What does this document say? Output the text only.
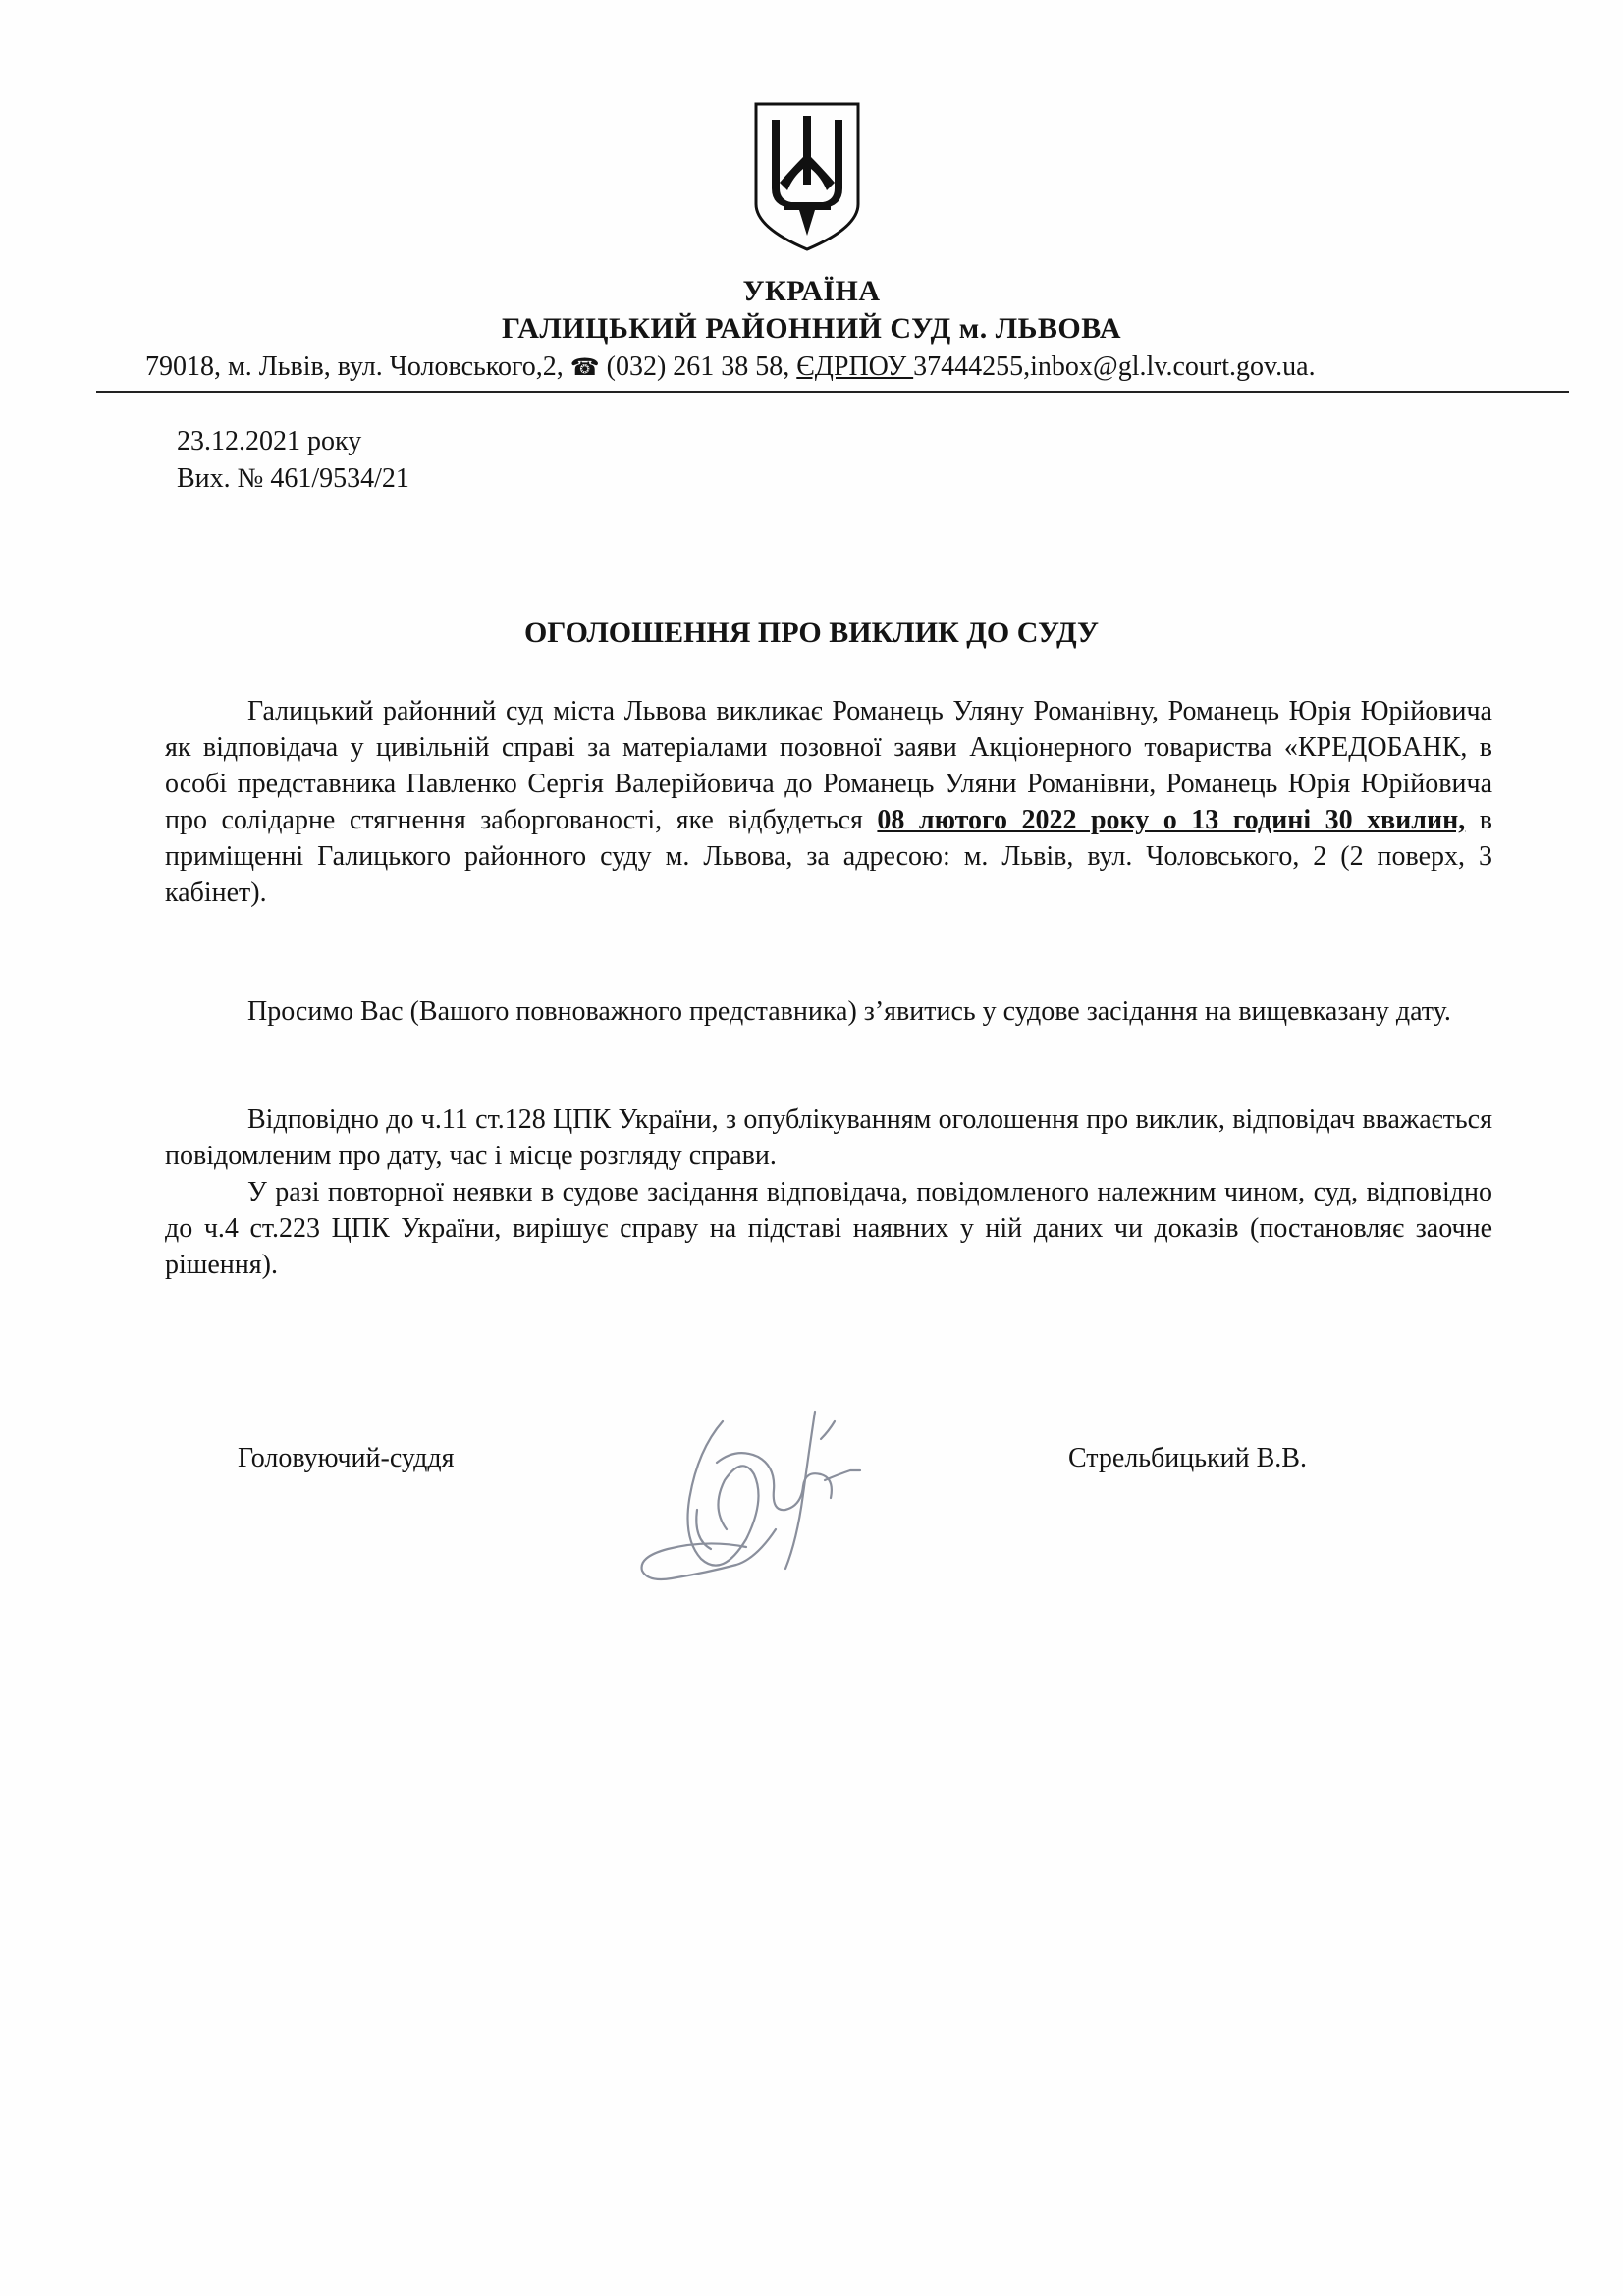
УКРАЇНА
ГАЛИЦЬКИЙ РАЙОННИЙ СУД м. ЛЬВОВА
79018, м. Львів, вул. Чоловського,2, ☎ (032) 261 38 58, ЄДРПОУ 37444255,inbox@gl.lv.court.gov.ua.
23.12.2021 року
Вих. № 461/9534/21
ОГОЛОШЕННЯ ПРО ВИКЛИК ДО СУДУ

Галицький районний суд міста Львова викликає Романець Уляну Романівну, Романець Юрія Юрійовича як відповідача у цивільній справі за матеріалами позовної заяви Акціонерного товариства «КРЕДОБАНК, в особі представника Павленко Сергія Валерійовича до Романець Уляни Романівни, Романець Юрія Юрійовича про солідарне стягнення заборгованості, яке відбудеться 08 лютого 2022 року о 13 годині 30 хвилин, в приміщенні Галицького районного суду м. Львова, за адресою: м. Львів, вул. Чоловського, 2 (2 поверх, 3 кабінет).

Просимо Вас (Вашого повноважного представника) з’явитись у судове засідання на вищевказану дату.

Відповідно до ч.11 ст.128 ЦПК України, з опублікуванням оголошення про виклик, відповідач вважається повідомленим про дату, час і місце розгляду справи.

У разі повторної неявки в судове засідання відповідача, повідомленого належним чином, суд, відповідно до ч.4 ст.223 ЦПК України, вирішує справу на підставі наявних у ній даних чи доказів (постановляє заочне рішення).

Головуючий-суддя	Стрельбицький В.В.
